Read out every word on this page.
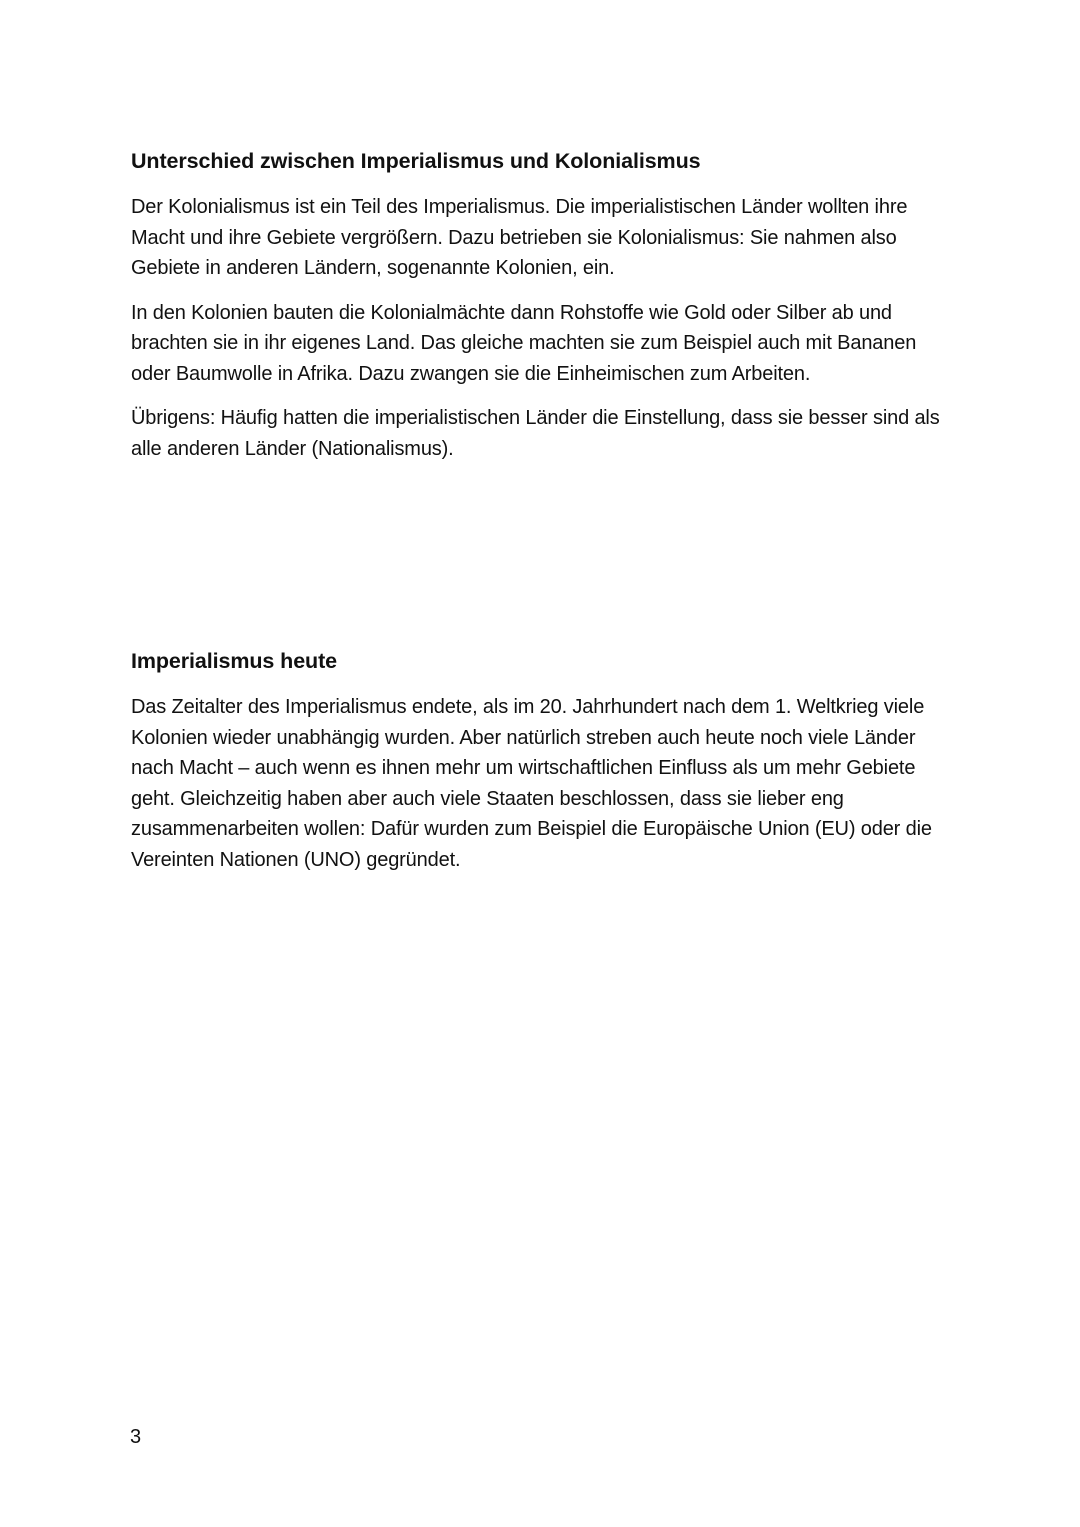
Unterschied zwischen Imperialismus und Kolonialismus

Der Kolonialismus ist ein Teil des Imperialismus. Die imperialistischen Länder wollten ihre Macht und ihre Gebiete vergrößern. Dazu betrieben sie Kolonialismus: Sie nahmen also Gebiete in anderen Ländern, sogenannte Kolonien, ein.

In den Kolonien bauten die Kolonialmächte dann Rohstoffe wie Gold oder Silber ab und brachten sie in ihr eigenes Land. Das gleiche machten sie zum Beispiel auch mit Bananen oder Baumwolle in Afrika. Dazu zwangen sie die Einheimischen zum Arbeiten.

Übrigens: Häufig hatten die imperialistischen Länder die Einstellung, dass sie besser sind als alle anderen Länder (Nationalismus).

Imperialismus heute

Das Zeitalter des Imperialismus endete, als im 20. Jahrhundert nach dem 1. Weltkrieg viele Kolonien wieder unabhängig wurden. Aber natürlich streben auch heute noch viele Länder nach Macht – auch wenn es ihnen mehr um wirtschaftlichen Einfluss als um mehr Gebiete geht. Gleichzeitig haben aber auch viele Staaten beschlossen, dass sie lieber eng zusammenarbeiten wollen: Dafür wurden zum Beispiel die Europäische Union (EU) oder die Vereinten Nationen (UNO) gegründet.

3
